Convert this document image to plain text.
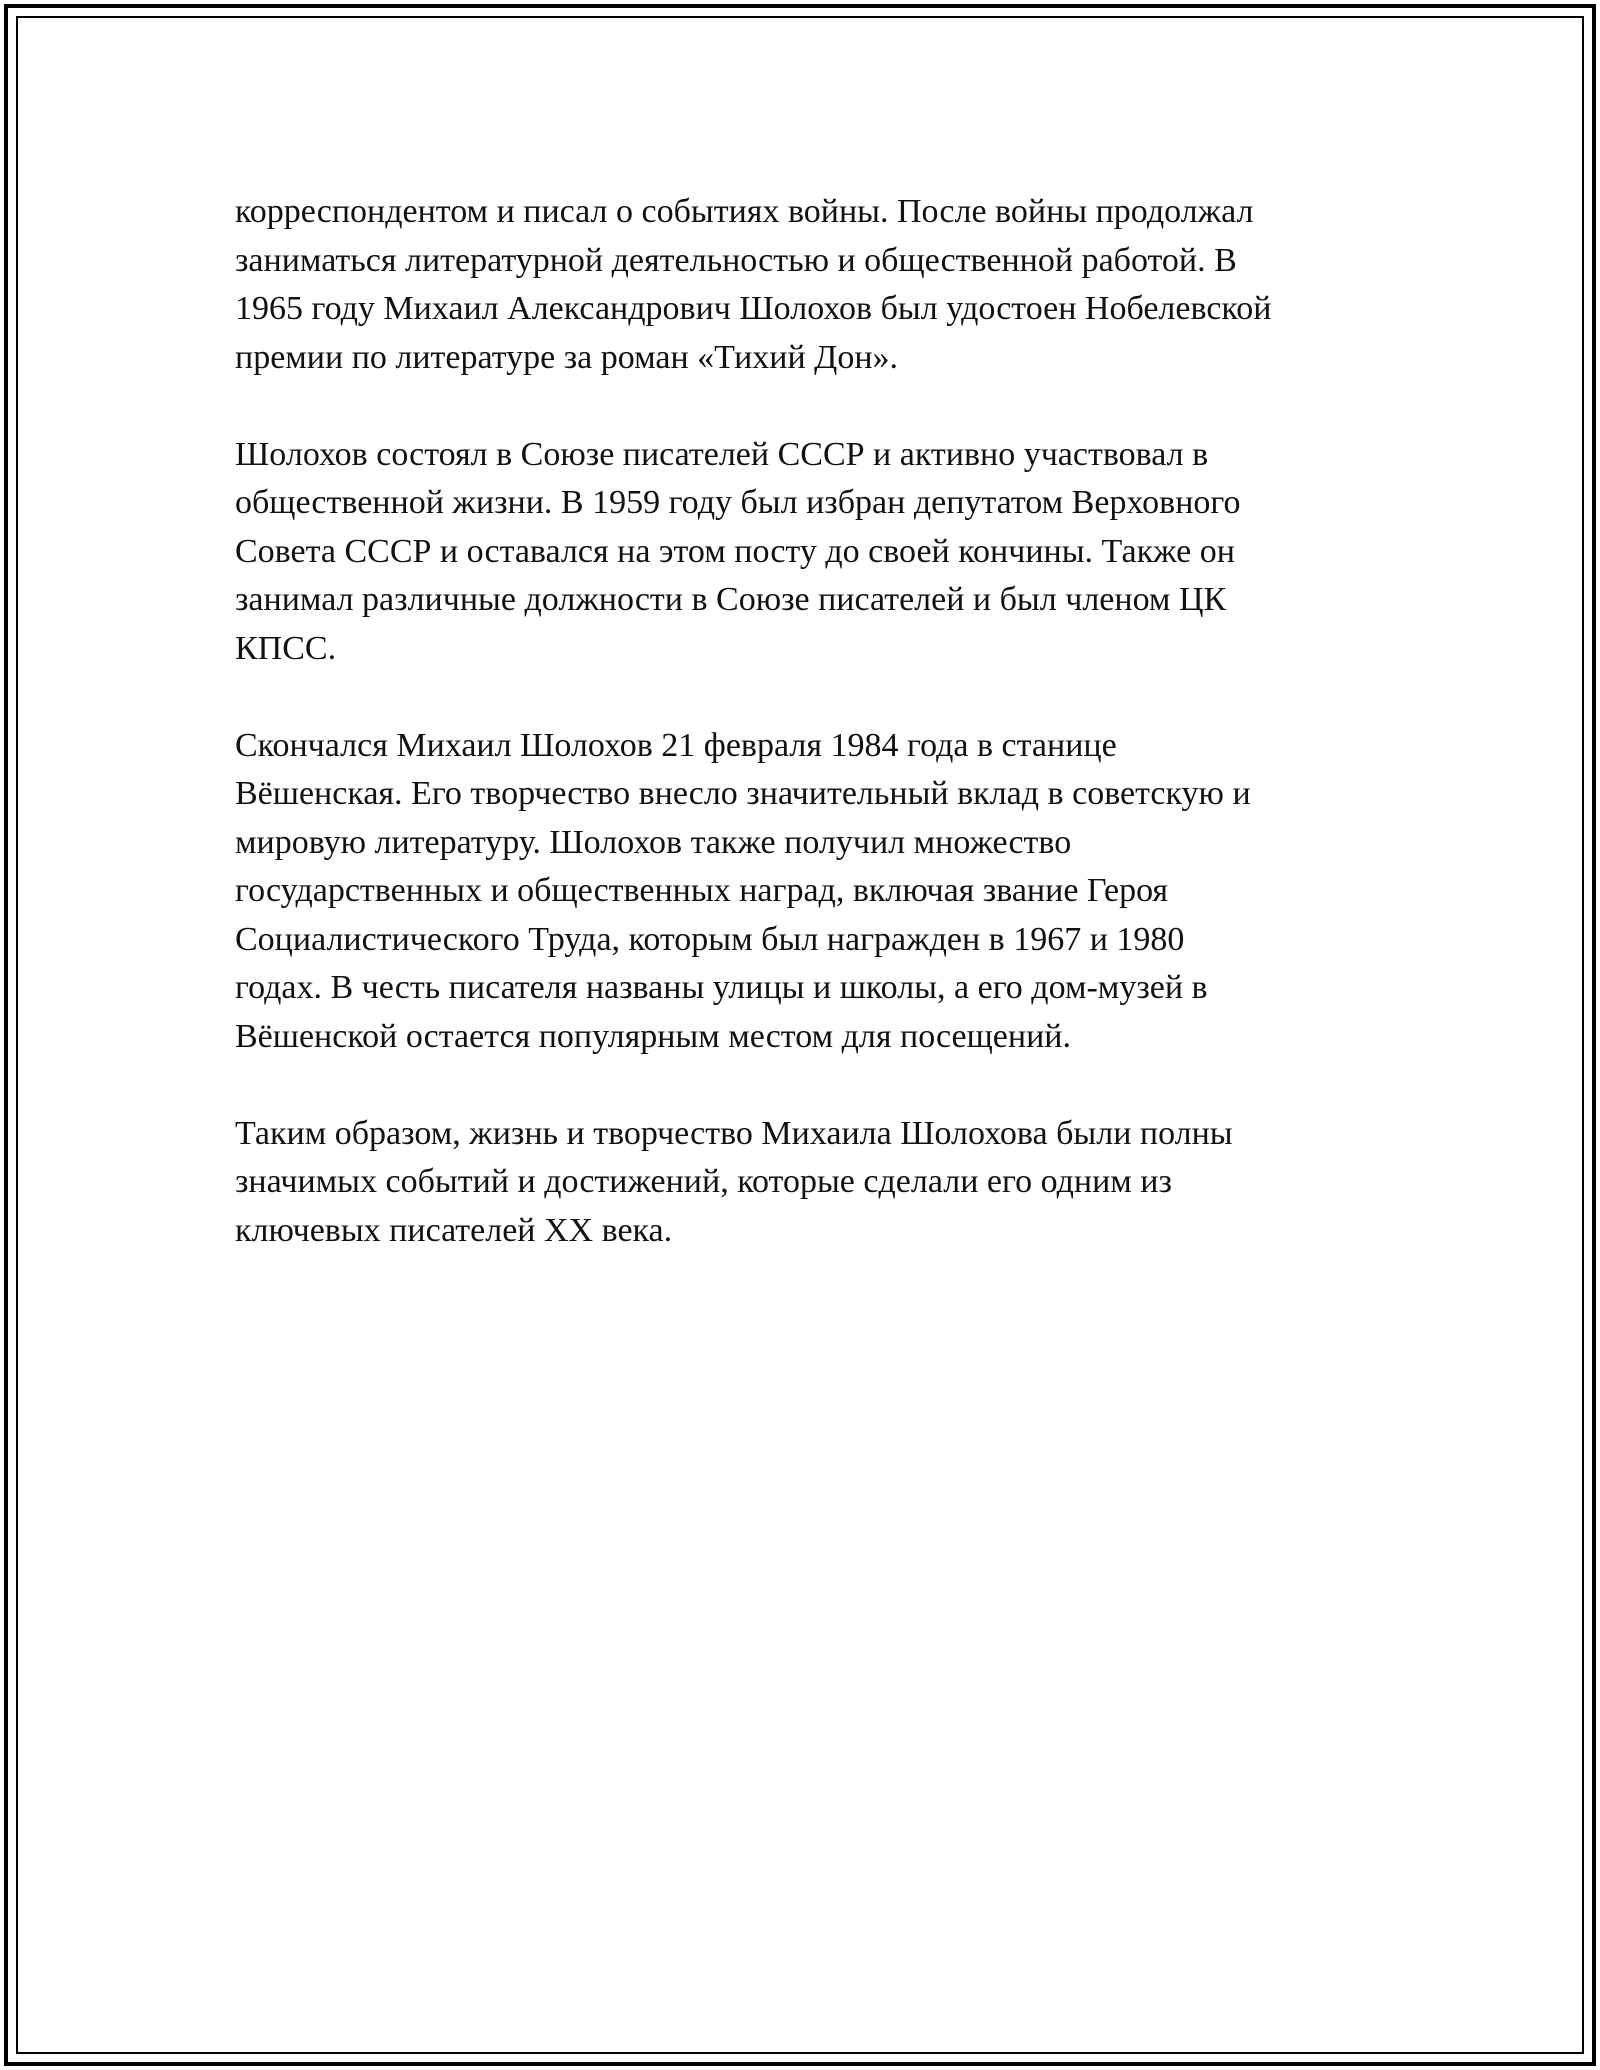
корреспондентом и писал о событиях войны. После войны продолжал
заниматься литературной деятельностью и общественной работой. В
1965 году Михаил Александрович Шолохов был удостоен Нобелевской
премии по литературе за роман «Тихий Дон».

Шолохов состоял в Союзе писателей СССР и активно участвовал в
общественной жизни. В 1959 году был избран депутатом Верховного
Совета СССР и оставался на этом посту до своей кончины. Также он
занимал различные должности в Союзе писателей и был членом ЦК
КПСС.

Скончался Михаил Шолохов 21 февраля 1984 года в станице
Вёшенская. Его творчество внесло значительный вклад в советскую и
мировую литературу. Шолохов также получил множество
государственных и общественных наград, включая звание Героя
Социалистического Труда, которым был награжден в 1967 и 1980
годах. В честь писателя названы улицы и школы, а его дом-музей в
Вёшенской остается популярным местом для посещений.

Таким образом, жизнь и творчество Михаила Шолохова были полны
значимых событий и достижений, которые сделали его одним из
ключевых писателей XX века.
